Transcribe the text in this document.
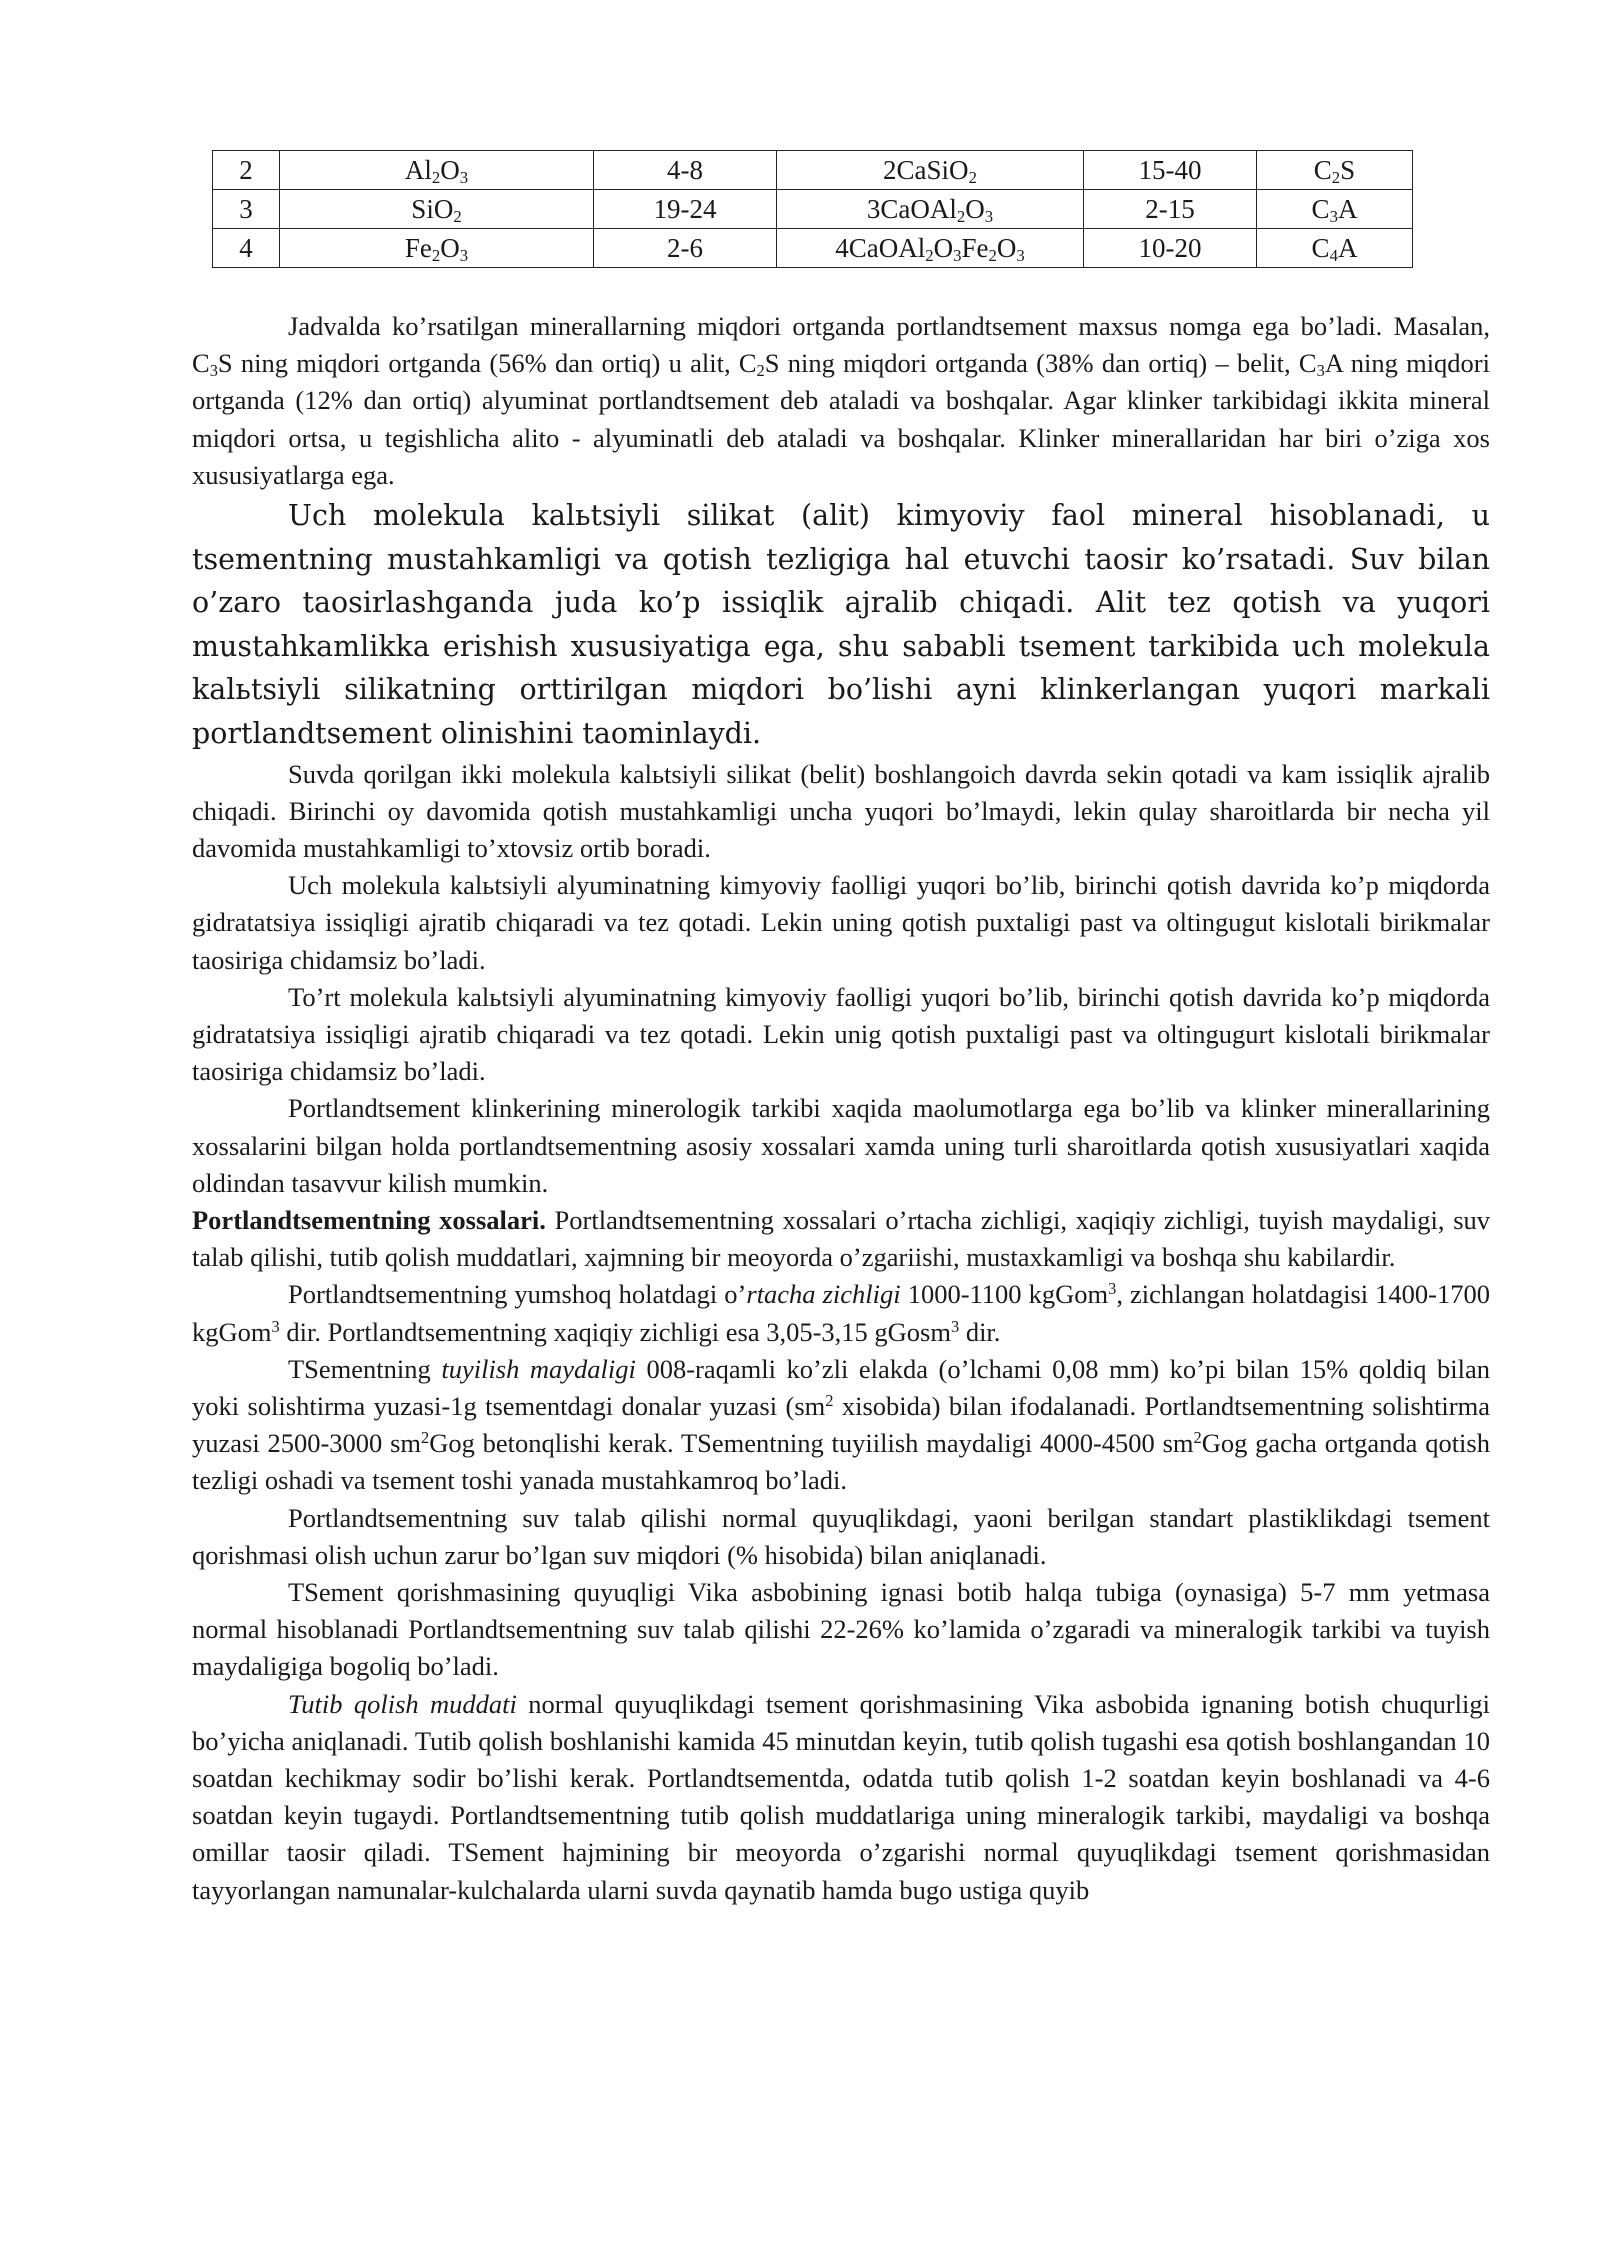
2	$Al_2O_3$	4-8	2CaSiO$_2$	15-40	$C_2S$
3	SiO$_2$	19-24	$3CaOAl_2O_3$	2-15	$C_3A$
4	$Fe_2O_3$	2-6	$4CaOAl_2O_3Fe_2O_3$	10-20	$C_4A$

Jadvalda ko’rsatilgan minerallarning miqdori ortganda portlandtsement maxsus nomga ega bo’ladi. Masalan, $C_3S$ ning miqdori ortganda (56% dan ortiq) u alit, $C_2S$ ning miqdori ortganda (38% dan ortiq) – belit, $C_3A$ ning miqdori ortganda (12% dan ortiq) alyuminat portlandtsement deb ataladi va boshqalar. Agar klinker tarkibidagi ikkita mineral miqdori ortsa, u tegishlicha alito - alyuminatli deb ataladi va boshqalar. Klinker minerallaridan har biri o’ziga xos xususiyatlarga ega.

Uch molekula kalьtsiyli silikat (alit) kimyoviy faol mineral hisoblanadi, u tsementning mustahkamligi va qotish tezligiga hal etuvchi taosir ko’rsatadi. Suv bilan o’zaro taosirlashganda juda ko’p issiqlik ajralib chiqadi. Alit tez qotish va yuqori mustahkamlikka erishish xususiyatiga ega, shu sababli tsement tarkibida uch molekula kalьtsiyli silikatning orttirilgan miqdori bo’lishi ayni klinkerlangan yuqori markali portlandtsement olinishini taominlaydi.

Suvda qorilgan ikki molekula kalьtsiyli silikat (belit) boshlangoich davrda sekin qotadi va kam issiqlik ajralib chiqadi. Birinchi oy davomida qotish mustahkamligi uncha yuqori bo’lmaydi, lekin qulay sharoitlarda bir necha yil davomida mustahkamligi to’xtovsiz ortib boradi.

Uch molekula kalьtsiyli alyuminatning kimyoviy faolligi yuqori bo’lib, birinchi qotish davrida ko’p miqdorda gidratatsiya issiqligi ajratib chiqaradi va tez qotadi. Lekin uning qotish puxtaligi past va oltingugut kislotali birikmalar taosiriga chidamsiz bo’ladi.

To’rt molekula kalьtsiyli alyuminatning kimyoviy faolligi yuqori bo’lib, birinchi qotish davrida ko’p miqdorda gidratatsiya issiqligi ajratib chiqaradi va tez qotadi. Lekin unig qotish puxtaligi past va oltingugurt kislotali birikmalar taosiriga chidamsiz bo’ladi.

Portlandtsement klinkerining minerologik tarkibi xaqida maolumotlarga ega bo’lib va klinker minerallarining xossalarini bilgan holda portlandtsementning asosiy xossalari xamda uning turli sharoitlarda qotish xususiyatlari xaqida oldindan tasavvur kilish mumkin.

Portlandtsementning xossalari. Portlandtsementning xossalari o’rtacha zichligi, xaqiqiy zichligi, tuyish maydaligi, suv talab qilishi, tutib qolish muddatlari, xajmning bir meoyorda o’zgariishi, mustaxkamligi va boshqa shu kabilardir.

Portlandtsementning yumshoq holatdagi o’rtacha zichligi 1000-1100 kgGom$^3$, zichlangan holatdagisi 1400-1700 kgGom$^3$ dir. Portlandtsementning xaqiqiy zichligi esa 3,05-3,15 gGosm$^3$ dir.

TSementning tuyilish maydaligi 008-raqamli ko’zli elakda (o’lchami 0,08 mm) ko’pi bilan 15% qoldiq bilan yoki solishtirma yuzasi-1g tsementdagi donalar yuzasi ($sm^2$ xisobida) bilan ifodalanadi. Portlandtsementning solishtirma yuzasi 2500-3000 $sm^2Gog$ betonqlishi kerak. TSementning tuyiilish maydaligi 4000-4500 $sm^2Gog$ gacha ortganda qotish tezligi oshadi va tsement toshi yanada mustahkamroq bo’ladi.

Portlandtsementning suv talab qilishi normal quyuqlikdagi, yaoni berilgan standart plastiklikdagi tsement qorishmasi olish uchun zarur bo’lgan suv miqdori (% hisobida) bilan aniqlanadi.

TSement qorishmasining quyuqligi Vika asbobining ignasi botib halqa tubiga (oynasiga) 5-7 mm yetmasa normal hisoblanadi Portlandtsementning suv talab qilishi 22-26% ko’lamida o’zgaradi va mineralogik tarkibi va tuyish maydaligiga bogoliq bo’ladi.

Tutib qolish muddati normal quyuqlikdagi tsement qorishmasining Vika asbobida ignaning botish chuqurligi bo’yicha aniqlanadi. Tutib qolish boshlanishi kamida 45 minutdan keyin, tutib qolish tugashi esa qotish boshlangandan 10 soatdan kechikmay sodir bo’lishi kerak. Portlandtsementda, odatda tutib qolish 1-2 soatdan keyin boshlanadi va 4-6 soatdan keyin tugaydi. Portlandtsementning tutib qolish muddatlariga uning mineralogik tarkibi, maydaligi va boshqa omillar taosir qiladi. TSement hajmining bir meoyorda o’zgarishi normal quyuqlikdagi tsement qorishmasidan tayyorlangan namunalar-kulchalarda ularni suvda qaynatib hamda bugo ustiga quyib
